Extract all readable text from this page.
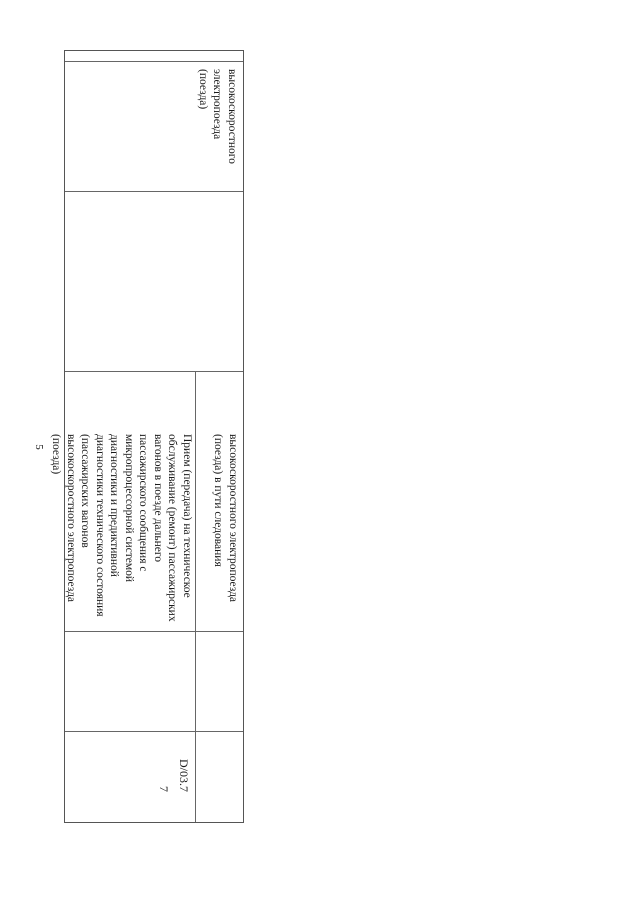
5
высокоскоростного
электропоезда
(поезда)
высокоскоростного электропоезда
(поезда) в пути следования
Прием (передача) на техническое
обслуживание (ремонт) пассажирских
вагонов в поезде дальнего
пассажирского сообщения с
микропроцессорной системой
диагностики и предиктивной
диагностики технического состояния
(пассажирских вагонов
высокоскоростного электропоезда
(поезда)
D/03.7
7
